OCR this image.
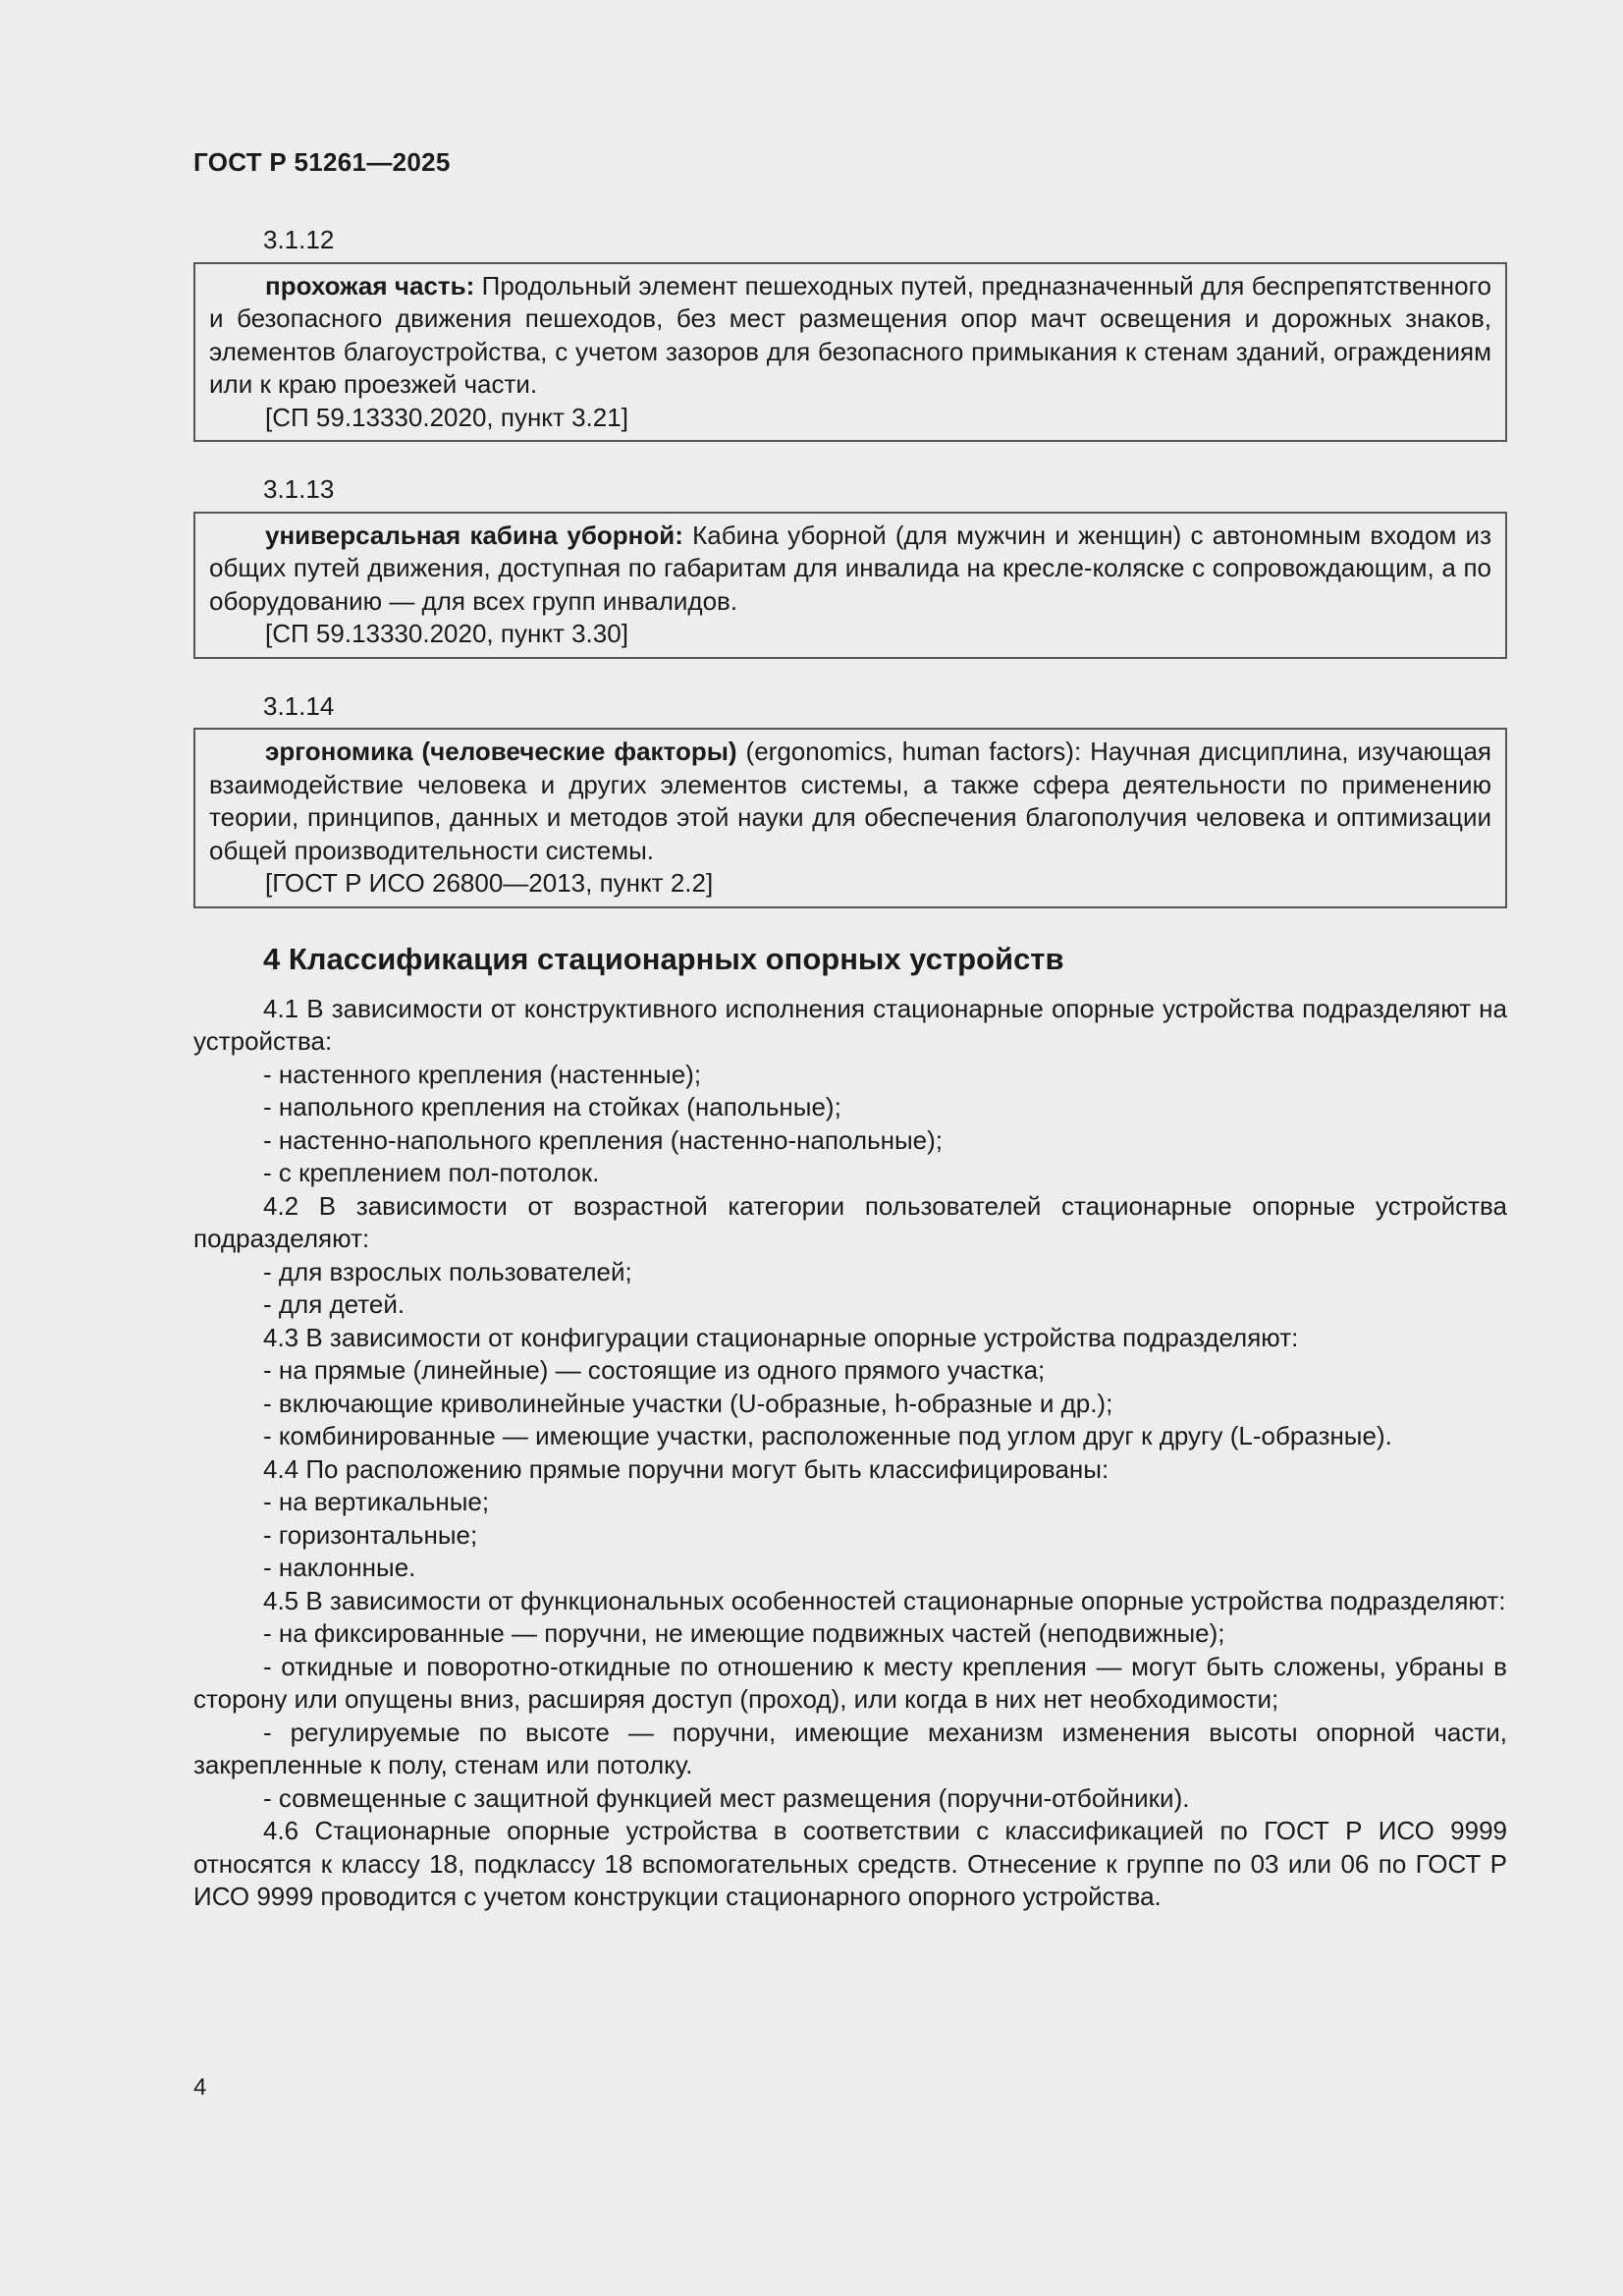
ГОСТ Р 51261—2025

3.1.12

прохожая часть: Продольный элемент пешеходных путей, предназначенный для беспрепятственного и безопасного движения пешеходов, без мест размещения опор мачт освещения и дорожных знаков, элементов благоустройства, с учетом зазоров для безопасного примыкания к стенам зданий, ограждениям или к краю проезжей части.

[СП 59.13330.2020, пункт 3.21]

3.1.13

универсальная кабина уборной: Кабина уборной (для мужчин и женщин) с автономным входом из общих путей движения, доступная по габаритам для инвалида на кресле-коляске с сопровождающим, а по оборудованию — для всех групп инвалидов.

[СП 59.13330.2020, пункт 3.30]

3.1.14

эргономика (человеческие факторы) (ergonomics, human factors): Научная дисциплина, изучающая взаимодействие человека и других элементов системы, а также сфера деятельности по применению теории, принципов, данных и методов этой науки для обеспечения благополучия человека и оптимизации общей производительности системы.

[ГОСТ Р ИСО 26800—2013, пункт 2.2]

4 Классификация стационарных опорных устройств

4.1 В зависимости от конструктивного исполнения стационарные опорные устройства подразделяют на устройства:

- настенного крепления (настенные);

- напольного крепления на стойках (напольные);

- настенно-напольного крепления (настенно-напольные);

- с креплением пол-потолок.

4.2 В зависимости от возрастной категории пользователей стационарные опорные устройства подразделяют:

- для взрослых пользователей;

- для детей.

4.3 В зависимости от конфигурации стационарные опорные устройства подразделяют:

- на прямые (линейные) — состоящие из одного прямого участка;

- включающие криволинейные участки (U-образные, h-образные и др.);

- комбинированные — имеющие участки, расположенные под углом друг к другу (L-образные).

4.4 По расположению прямые поручни могут быть классифицированы:

- на вертикальные;

- горизонтальные;

- наклонные.

4.5 В зависимости от функциональных особенностей стационарные опорные устройства подразделяют:

- на фиксированные — поручни, не имеющие подвижных частей (неподвижные);

- откидные и поворотно-откидные по отношению к месту крепления — могут быть сложены, убраны в сторону или опущены вниз, расширяя доступ (проход), или когда в них нет необходимости;

- регулируемые по высоте — поручни, имеющие механизм изменения высоты опорной части, закрепленные к полу, стенам или потолку.

- совмещенные с защитной функцией мест размещения (поручни-отбойники).

4.6 Стационарные опорные устройства в соответствии с классификацией по ГОСТ Р ИСО 9999 относятся к классу 18, подклассу 18 вспомогательных средств. Отнесение к группе по 03 или 06 по ГОСТ Р ИСО 9999 проводится с учетом конструкции стационарного опорного устройства.

4
